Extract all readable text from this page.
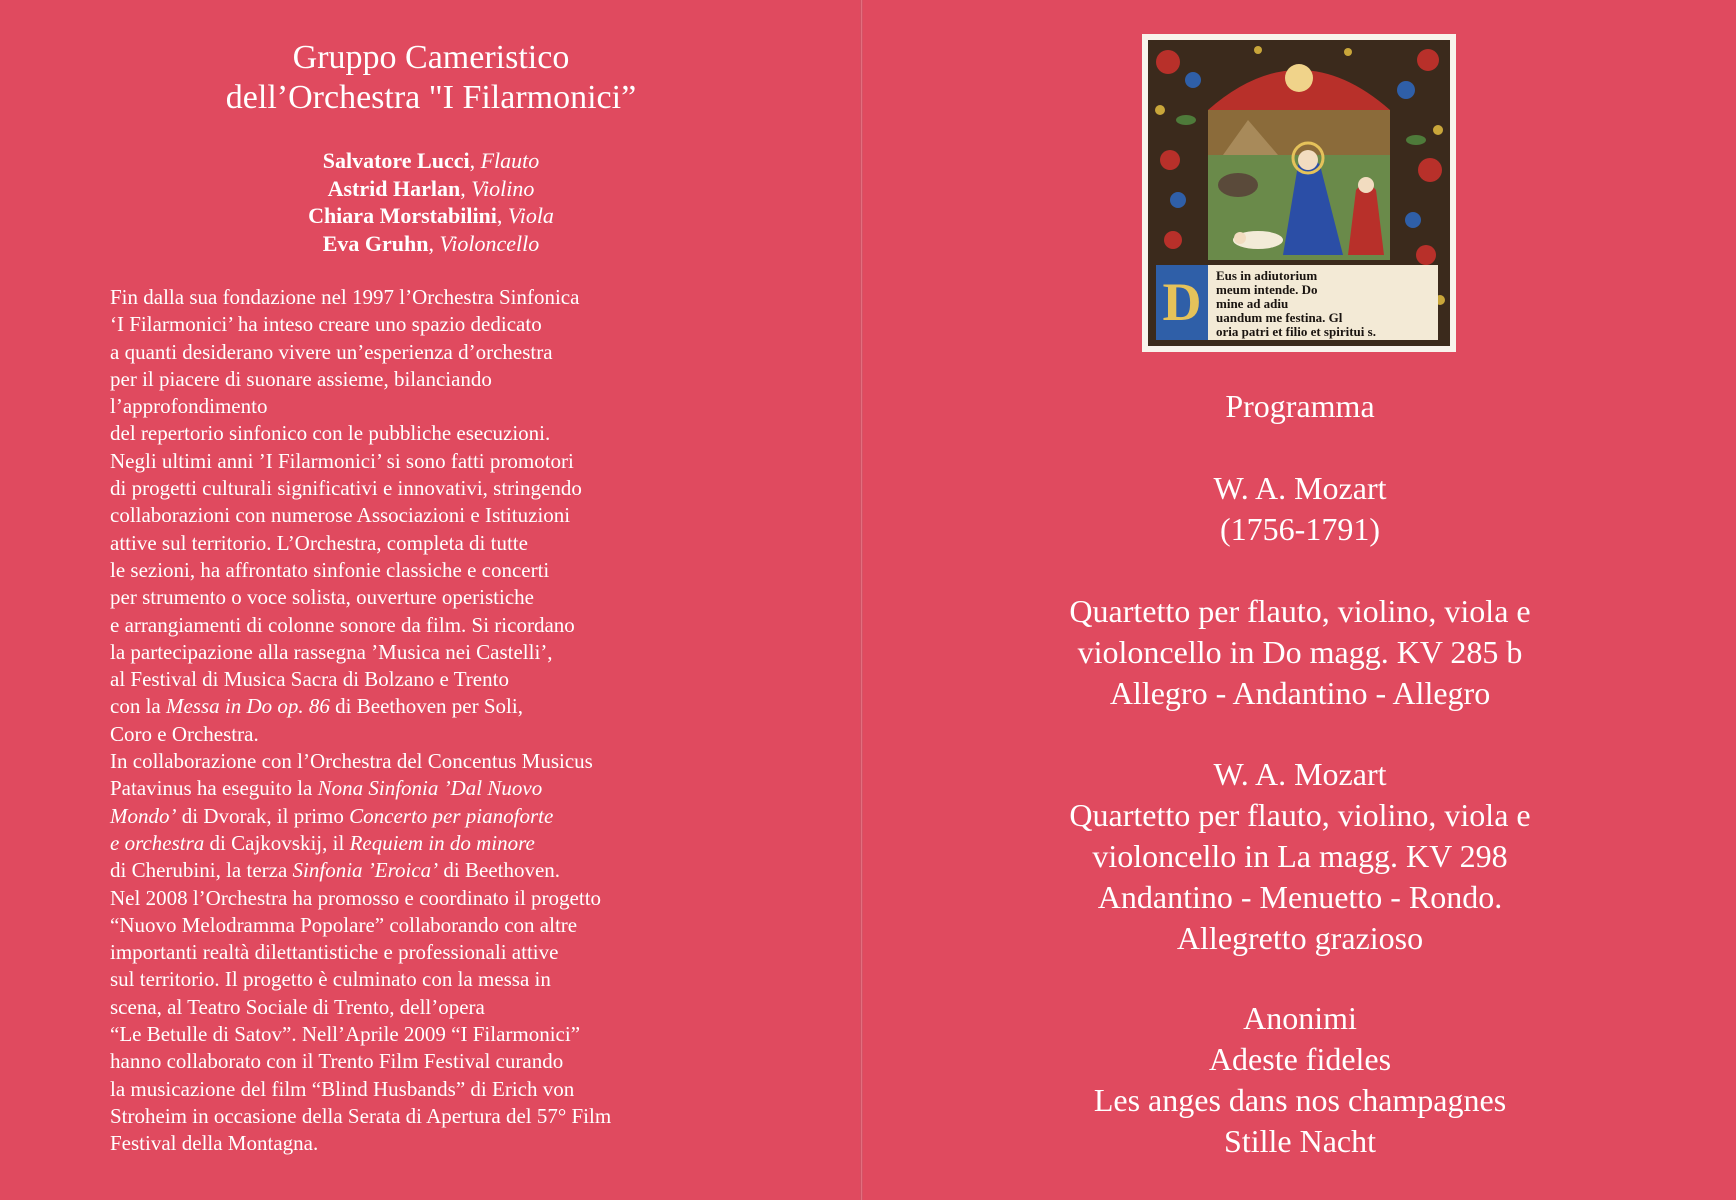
Gruppo Cameristico
dell’Orchestra "I Filarmonici”
Salvatore Lucci, Flauto
Astrid Harlan, Violino
Chiara Morstabilini, Viola
Eva Gruhn, Violoncello
Fin dalla sua fondazione nel 1997 l’Orchestra Sinfonica
‘I Filarmonici’ ha inteso creare uno spazio dedicato
a quanti desiderano vivere un’esperienza d’orchestra
per il piacere di suonare assieme, bilanciando
l’approfondimento
del repertorio sinfonico con le pubbliche esecuzioni.
Negli ultimi anni ’I Filarmonici’ si sono fatti promotori
di progetti culturali significativi e innovativi, stringendo
collaborazioni con numerose Associazioni e Istituzioni
attive sul territorio. L’Orchestra, completa di tutte
le sezioni, ha affrontato sinfonie classiche e concerti
per strumento o voce solista, ouverture operistiche
e arrangiamenti di colonne sonore da film. Si ricordano
la partecipazione alla rassegna ’Musica nei Castelli’,
al Festival di Musica Sacra di Bolzano e Trento
con la Messa in Do op. 86 di Beethoven per Soli,
Coro e Orchestra.
In collaborazione con l’Orchestra del Concentus Musicus
Patavinus ha eseguito la Nona Sinfonia ’Dal Nuovo
Mondo’ di Dvorak, il primo Concerto per pianoforte
e orchestra di Cajkovskij, il Requiem in do minore
di Cherubini, la terza Sinfonia ’Eroica’ di Beethoven.
Nel 2008 l’Orchestra ha promosso e coordinato il progetto
“Nuovo Melodramma Popolare” collaborando con altre
importanti realtà dilettantistiche e professionali attive
sul territorio. Il progetto è culminato con la messa in
scena, al Teatro Sociale di Trento, dell’opera
“Le Betulle di Satov”. Nell’Aprile 2009 “I Filarmonici”
hanno collaborato con il Trento Film Festival curando
la musicazione del film “Blind Husbands” di Erich von
Stroheim in occasione della Serata di Apertura del 57° Film
Festival della Montagna.
D Eus in adiutorium
meum intende. Do
mine ad adiu
uandum me festina. Gl
oria patri et filio et spiritui s.
Programma
W. A. Mozart
(1756-1791)
Quartetto per flauto, violino, viola e
violoncello in Do magg. KV 285 b
Allegro - Andantino - Allegro
W. A. Mozart
Quartetto per flauto, violino, viola e
violoncello in La magg. KV 298
Andantino - Menuetto - Rondo.
Allegretto grazioso
Anonimi
Adeste fideles
Les anges dans nos champagnes
Stille Nacht
